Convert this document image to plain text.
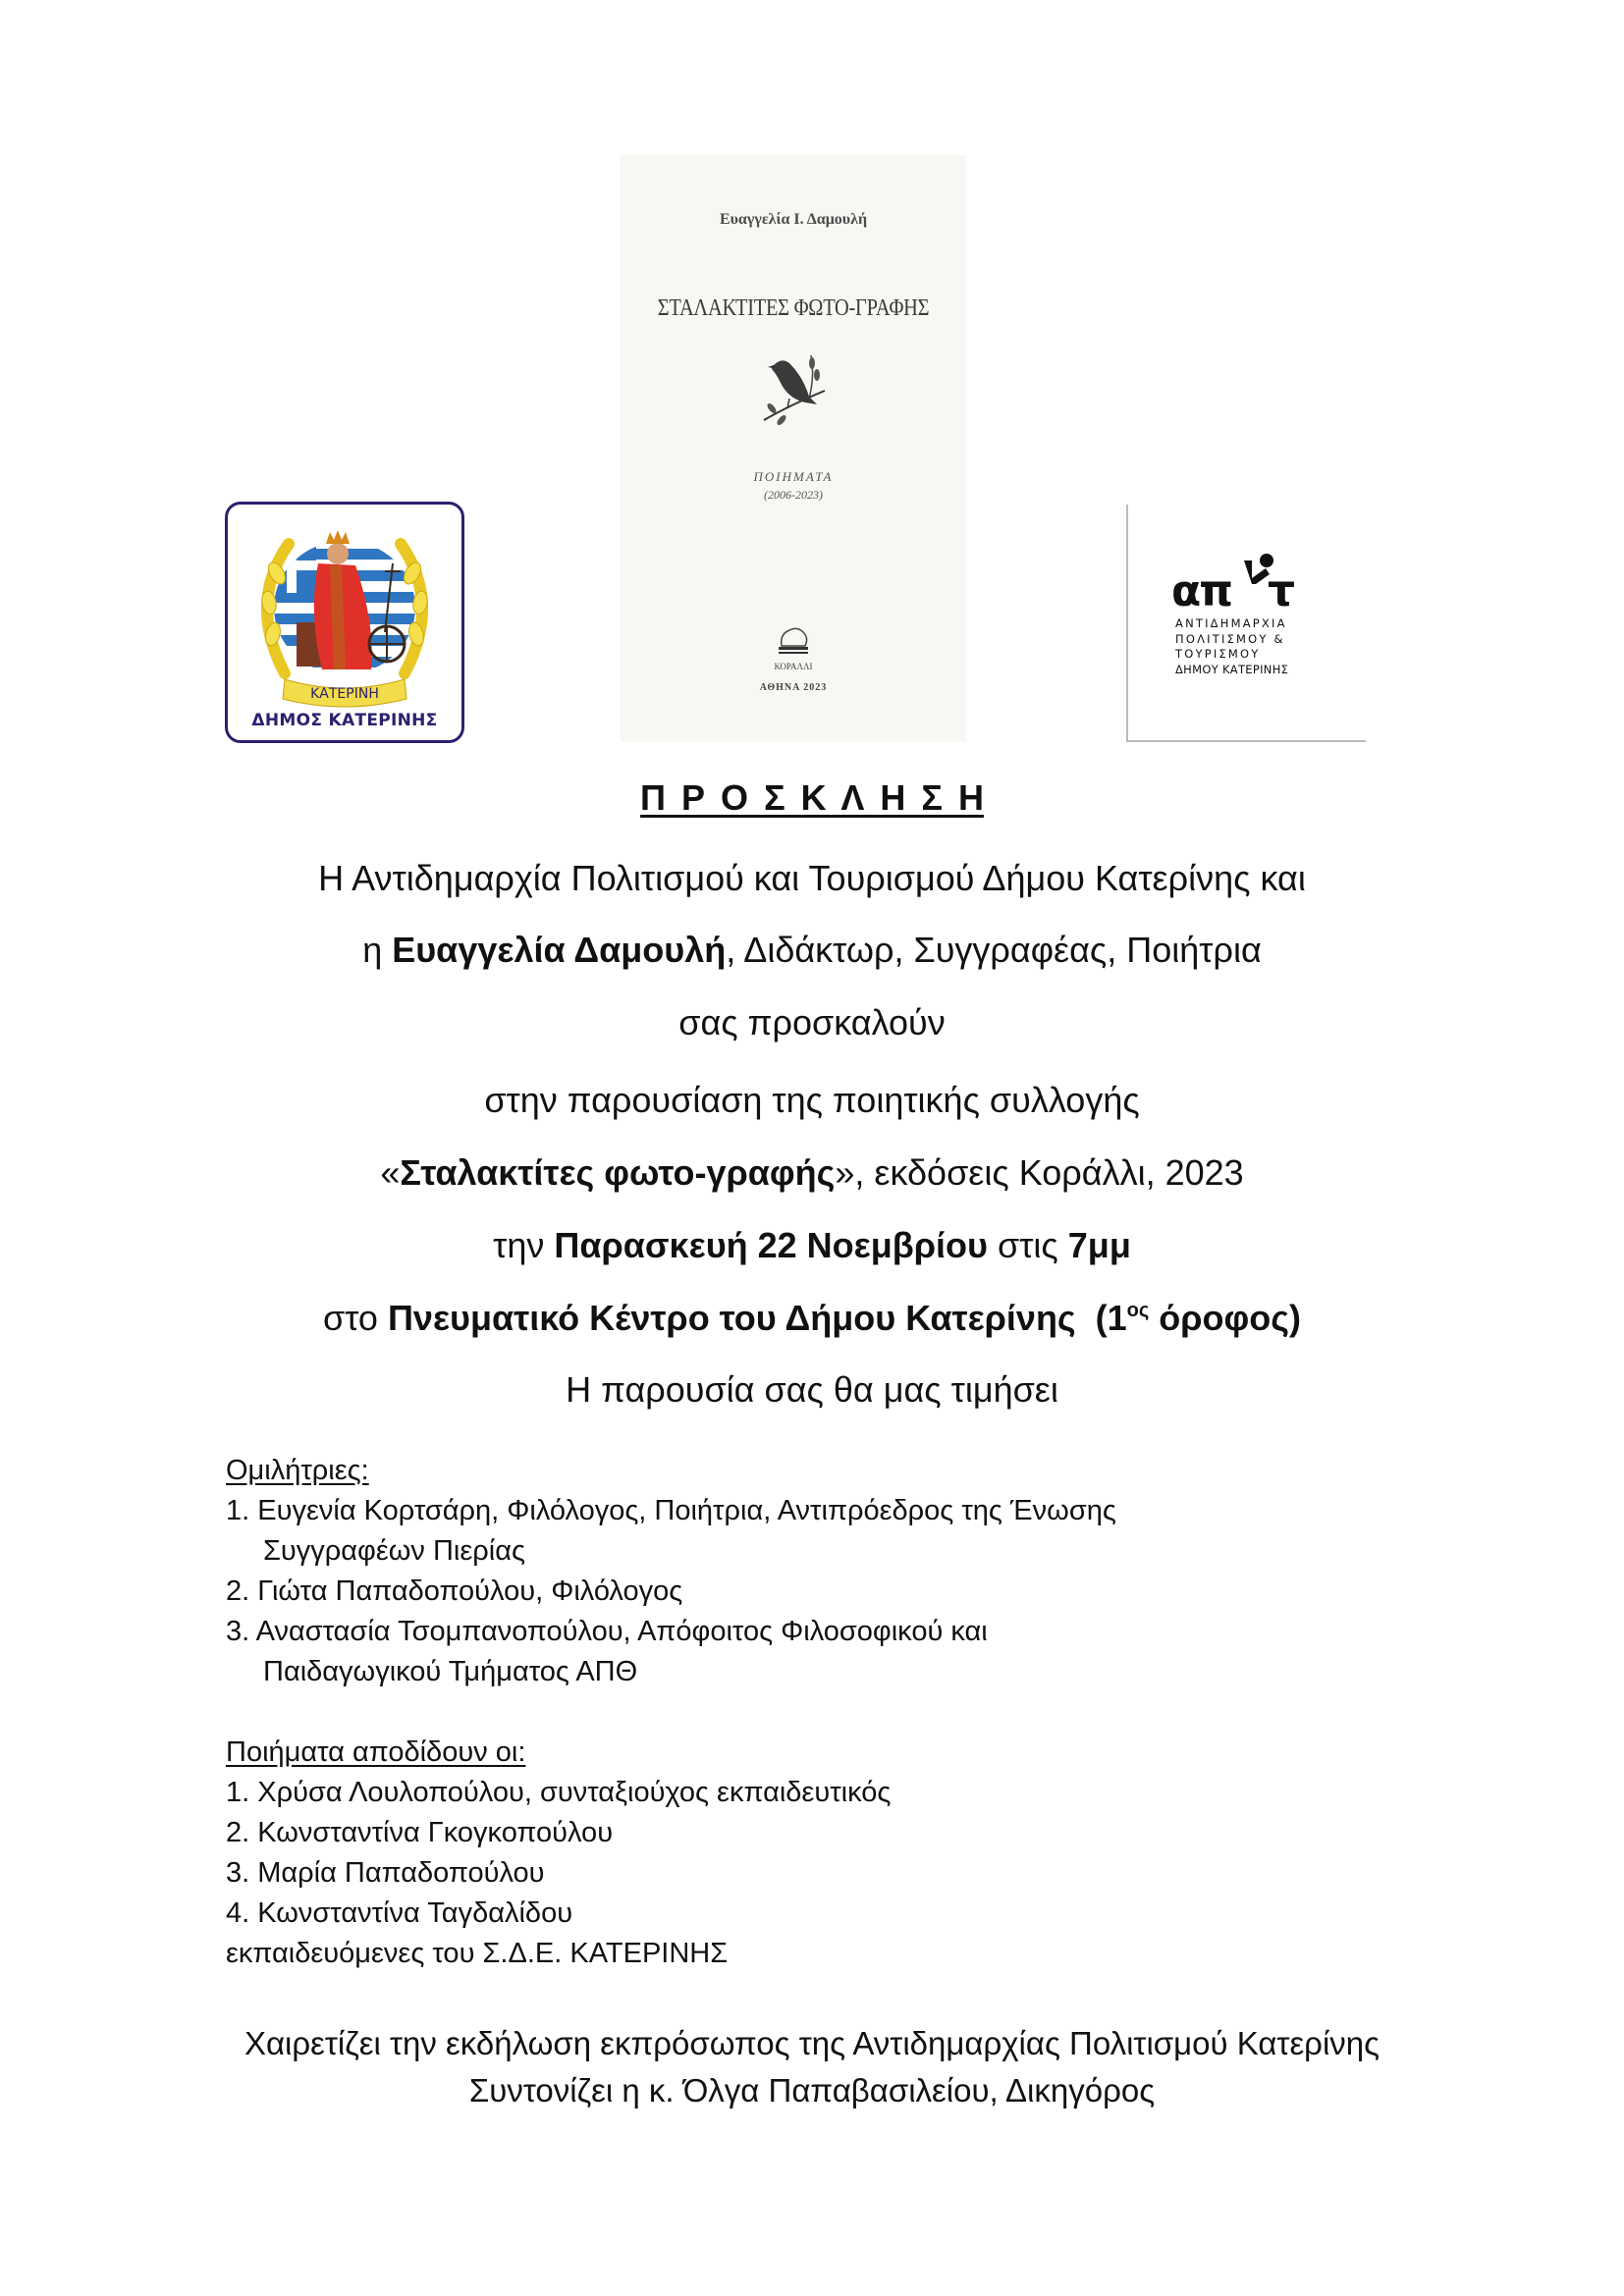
ΚΑΤΕΡΙΝΗ
ΔΗΜΟΣ ΚΑΤΕΡΙΝΗΣ
Ευαγγελία Ι. Δαμουλή
ΣΤΑΛΑΚΤΙΤΕΣ ΦΩΤΟ-ΓΡΑΦΗΣ
ΠΟΙΗΜΑΤΑ
(2006-2023)
ΚΟΡΑΛΛΙ
ΑΘΗΝΑ 2023
απ τ
ΑΝΤΙΔΗΜΑΡΧΙΑ
ΠΟΛΙΤΙΣΜΟΥ &
ΤΟΥΡΙΣΜΟΥ
ΔΗΜΟΥ ΚΑΤΕΡΙΝΗΣ
Π Ρ Ο Σ Κ Λ Η Σ Η
Η Αντιδημαρχία Πολιτισμού και Τουρισμού Δήμου Κατερίνης και
η Ευαγγελία Δαμουλή, Διδάκτωρ, Συγγραφέας, Ποιήτρια
σας προσκαλούν
στην παρουσίαση της ποιητικής συλλογής
«Σταλακτίτες φωτο-γραφής», εκδόσεις Κοράλλι, 2023
την Παρασκευή 22 Νοεμβρίου στις 7μμ
στο Πνευματικό Κέντρο του Δήμου Κατερίνης  ($1^{o\varsigma}$ όροφος)
Η παρουσία σας θα μας τιμήσει
Ομιλήτριες:
1. Ευγενία Κορτσάρη, Φιλόλογος, Ποιήτρια, Αντιπρόεδρος της Ένωσης
Συγγραφέων Πιερίας
2. Γιώτα Παπαδοπούλου, Φιλόλογος
3. Αναστασία Τσομπανοπούλου, Απόφοιτος Φιλοσοφικού και
Παιδαγωγικού Τμήματος ΑΠΘ
Ποιήματα αποδίδουν οι:
1. Χρύσα Λουλοπούλου, συνταξιούχος εκπαιδευτικός
2. Κωνσταντίνα Γκογκοπούλου
3. Μαρία Παπαδοπούλου
4. Κωνσταντίνα Ταγδαλίδου
εκπαιδευόμενες του Σ.Δ.Ε. ΚΑΤΕΡΙΝΗΣ
Χαιρετίζει την εκδήλωση εκπρόσωπος της Αντιδημαρχίας Πολιτισμού Κατερίνης
Συντονίζει η κ. Όλγα Παπαβασιλείου, Δικηγόρος
